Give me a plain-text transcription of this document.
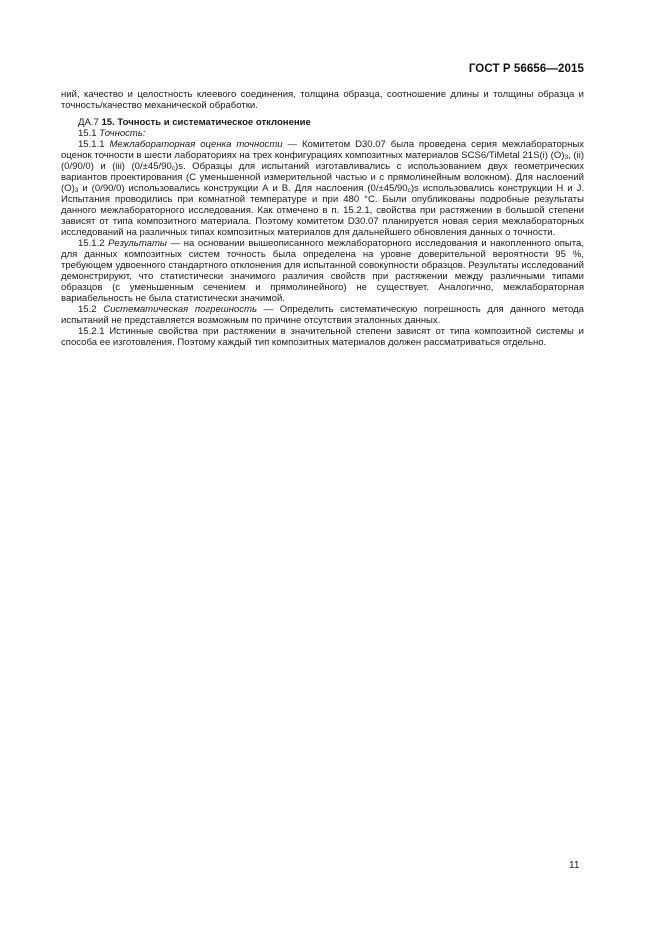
ГОСТ Р 56656—2015

ний, качество и целостность клеевого соединения, толщина образца, соотношение длины и толщины образца и точность/качество механической обработки.

ДА.7 15. Точность и систематическое отклонение

15.1 Точность:

15.1.1 Межлабораторная оценка точности — Комитетом D30.07 была проведена серия межлабораторных оценок точности в шести лабораториях на трех конфигурациях композитных материалов SCS6/TiMetal 21S(i) $(O)_3$, (ii) (0/90/0) и (iii) $(0/\pm 45/90_c)s$. Образцы для испытаний изготавливались с использованием двух геометрических вариантов проектирования (С уменьшенной измерительной частью и с прямолинейным волокном). Для наслоений $(O)_3$ и (0/90/0) использовались конструкции А и В. Для наслоения $(0/\pm 45/90_c)s$ использовались конструкции H и J. Испытания проводились при комнатной температуре и при 480 °С. Были опубликованы подробные результаты данного межлабораторного исследования. Как отмечено в п. 15.2.1, свойства при растяжении в большой степени зависят от типа композитного материала. Поэтому комитетом D30.07 планируется новая серия межлабораторных исследований на различных типах композитных материалов для дальнейшего обновления данных о точности.

15.1.2 Результаты — на основании вышеописанного межлабораторного исследования и накопленного опыта, для данных композитных систем точность была определена на уровне доверительной вероятности 95 %, требующем удвоенного стандартного отклонения для испытанной совокупности образцов. Результаты исследований демонстрируют, что статистически значимого различия свойств при растяжении между различными типами образцов (с уменьшенным сечением и прямолинейного) не существует. Аналогично, межлабораторная вариабельность не была статистически значимой.

15.2 Систематическая погрешность — Определить систематическую погрешность для данного метода испытаний не представляется возможным по причине отсутствия эталонных данных.

15.2.1 Истинные свойства при растяжении в значительной степени зависят от типа композитной системы и способа ее изготовления. Поэтому каждый тип композитных материалов должен рассматриваться отдельно.

11
